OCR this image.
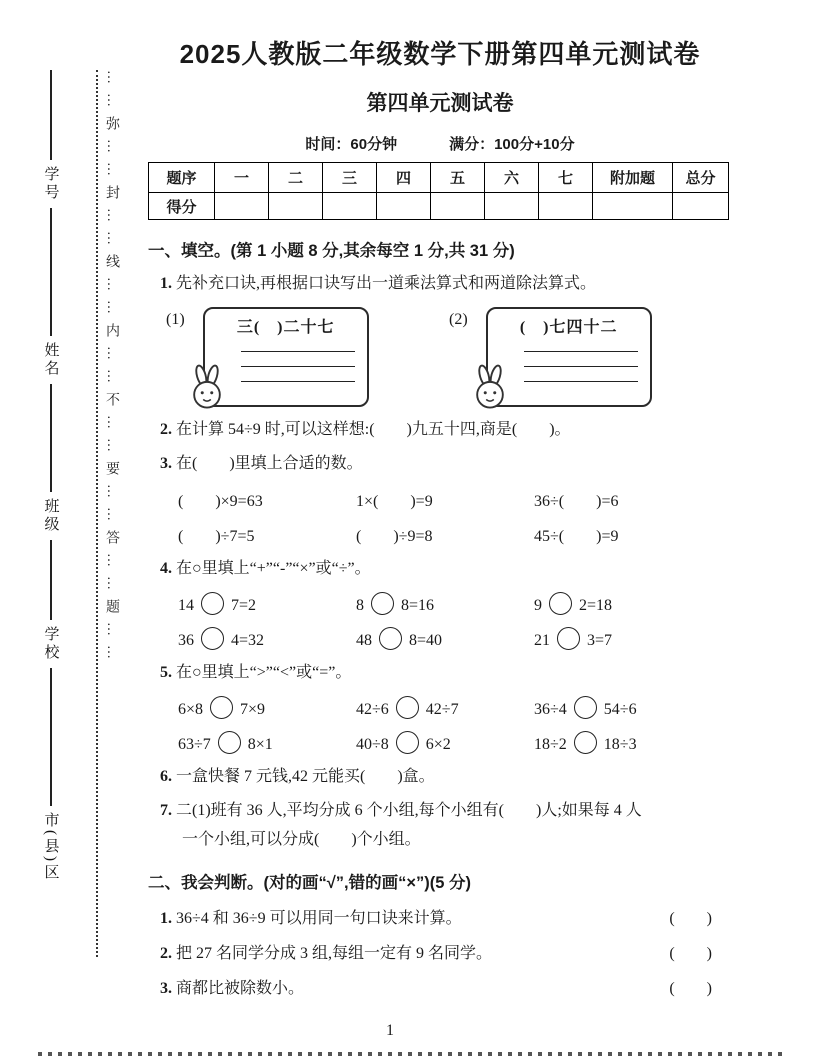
学号
姓名
班级
学校
市(县)区
……弥……封……线……内……不……要……答……题……
2025人教版二年级数学下册第四单元测试卷
第四单元测试卷
时间：60分钟	满分：100分+10分
题序	一	二	三	四	五	六	七	附加题	总分
得分									
一、填空。(第 1 小题 8 分,其余每空 1 分,共 31 分)
1. 先补充口诀,再根据口诀写出一道乘法算式和两道除法算式。
(1)	三(　)二十七	(2)	(　)七四十二
2. 在计算 54÷9 时,可以这样想:(　　)九五十四,商是(　　)。
3. 在(　　)里填上合适的数。
(　　)×9=63	1×(　　)=9	36÷(　　)=6
(　　)÷7=5	(　　)÷9=8	45÷(　　)=9
4. 在○里填上“+”“-”“×”或“÷”。
14 7=2	8 8=16	9 2=18
36 4=32	48 8=40	21 3=7
5. 在○里填上“>”“<”或“=”。
6×8 7×9	42÷6 42÷7	36÷4 54÷6
63÷7 8×1	40÷8 6×2	18÷2 18÷3
6. 一盒快餐 7 元钱,42 元能买(　　)盒。
7. 二(1)班有 36 人,平均分成 6 个小组,每个小组有(　　)人;如果每 4 人
一个小组,可以分成(　　)个小组。
二、我会判断。(对的画“√”,错的画“×”)(5 分)
1. 36÷4 和 36÷9 可以用同一句口诀来计算。	(　　)
2. 把 27 名同学分成 3 组,每组一定有 9 名同学。	(　　)
3. 商都比被除数小。	(　　)
1
